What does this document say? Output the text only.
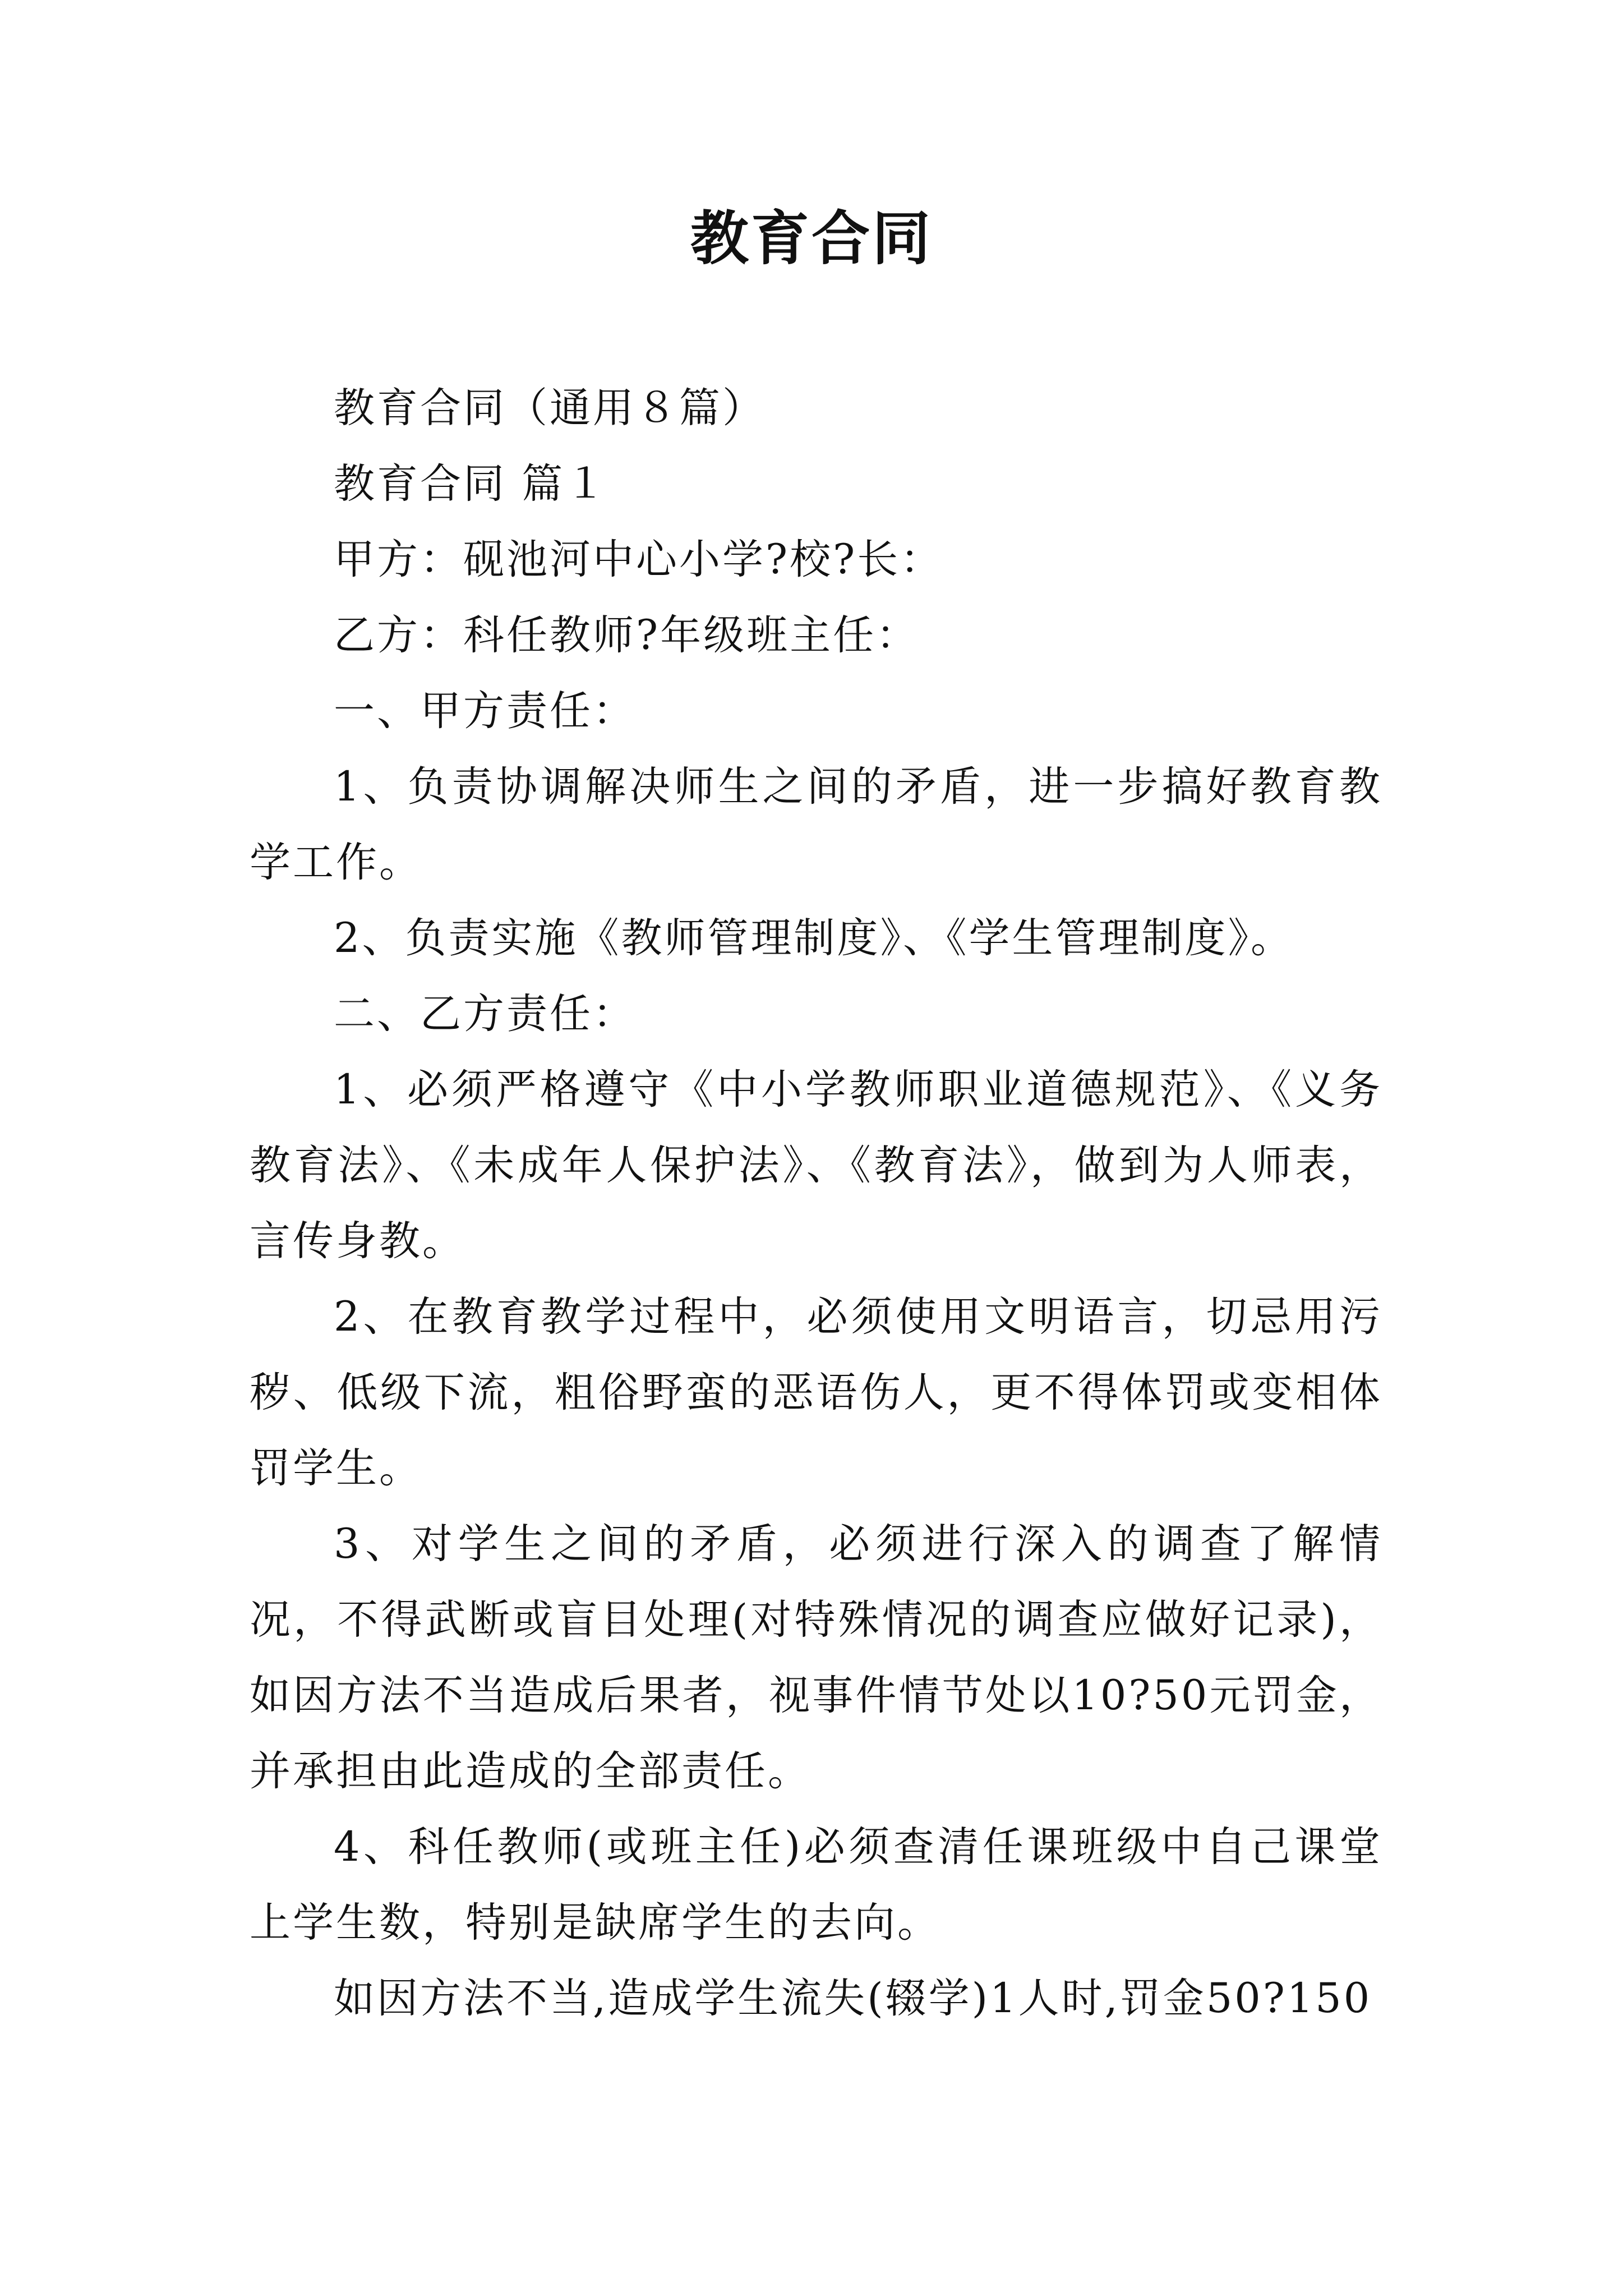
教育合同

教育合同（通用８篇）

教育合同 篇１

甲方：砚池河中心小学?校?长：

乙方：科任教师?年级班主任：

一、甲方责任：

1、负责协调解决师生之间的矛盾，进一步搞好教育教学工作。

2、负责实施《教师管理制度》、《学生管理制度》。

二、乙方责任：

1、必须严格遵守《中小学教师职业道德规范》、《义务教育法》、《未成年人保护法》、《教育法》，做到为人师表，言传身教。

2、在教育教学过程中，必须使用文明语言，切忌用污秽、低级下流，粗俗野蛮的恶语伤人，更不得体罚或变相体罚学生。

3、对学生之间的矛盾，必须进行深入的调查了解情况，不得武断或盲目处理(对特殊情况的调查应做好记录)，如因方法不当造成后果者，视事件情节处以10?50元罚金，并承担由此造成的全部责任。

4、科任教师(或班主任)必须查清任课班级中自己课堂上学生数，特别是缺席学生的去向。

如因方法不当,造成学生流失(辍学)1人时,罚金50?150
